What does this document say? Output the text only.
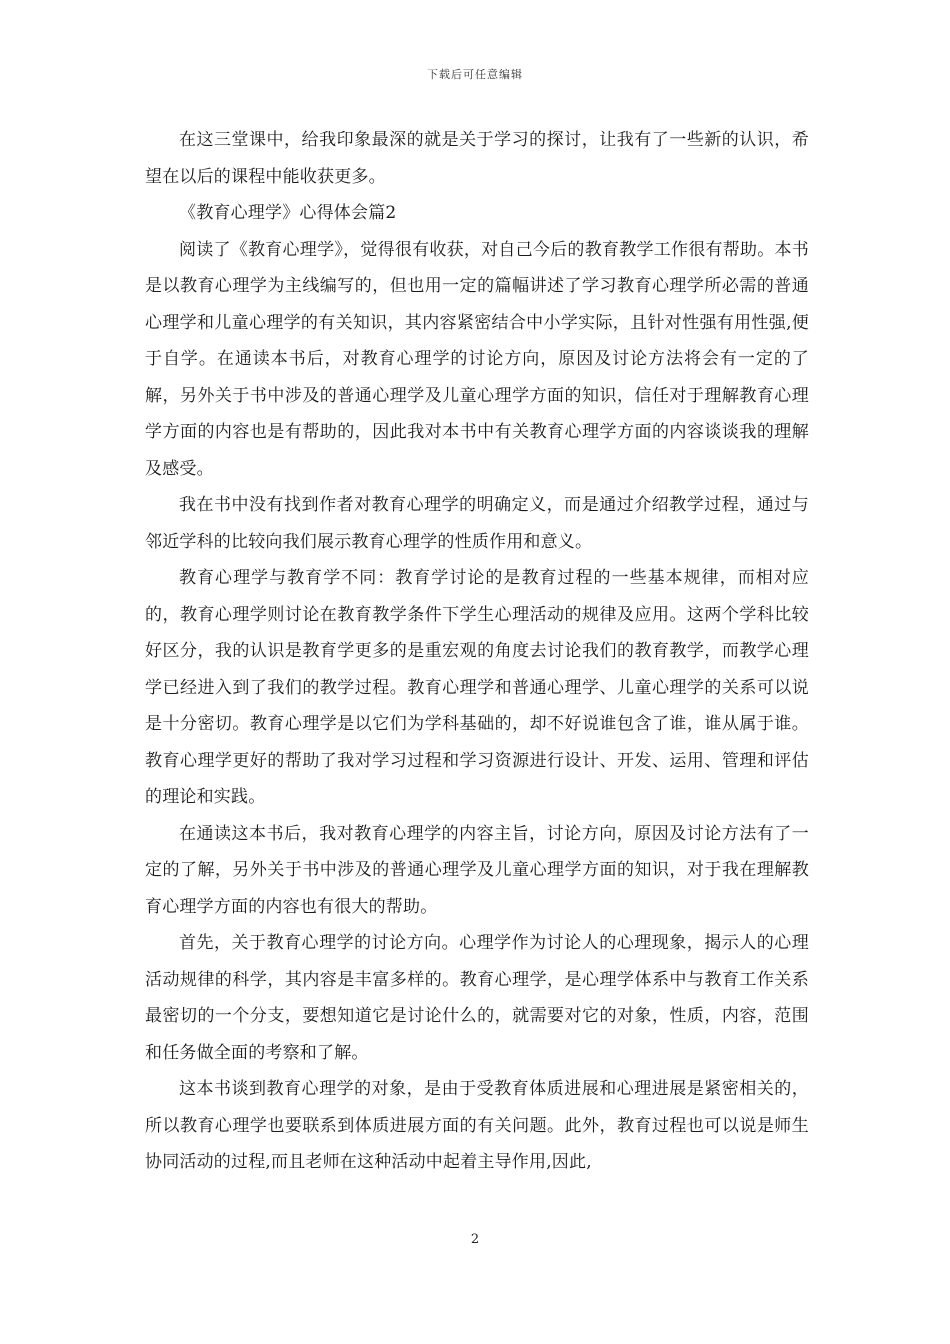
下载后可任意编辑

在这三堂课中，给我印象最深的就是关于学习的探讨，让我有了一些新的认识，希望在以后的课程中能收获更多。

《教育心理学》心得体会篇2

阅读了《教育心理学》，觉得很有收获，对自己今后的教育教学工作很有帮助。本书是以教育心理学为主线编写的，但也用一定的篇幅讲述了学习教育心理学所必需的普通心理学和儿童心理学的有关知识，其内容紧密结合中小学实际，且针对性强有用性强,便于自学。在通读本书后，对教育心理学的讨论方向，原因及讨论方法将会有一定的了解，另外关于书中涉及的普通心理学及儿童心理学方面的知识，信任对于理解教育心理学方面的内容也是有帮助的，因此我对本书中有关教育心理学方面的内容谈谈我的理解及感受。

我在书中没有找到作者对教育心理学的明确定义，而是通过介绍教学过程，通过与邻近学科的比较向我们展示教育心理学的性质作用和意义。

教育心理学与教育学不同：教育学讨论的是教育过程的一些基本规律，而相对应的，教育心理学则讨论在教育教学条件下学生心理活动的规律及应用。这两个学科比较好区分，我的认识是教育学更多的是重宏观的角度去讨论我们的教育教学，而教学心理学已经进入到了我们的教学过程。教育心理学和普通心理学、儿童心理学的关系可以说是十分密切。教育心理学是以它们为学科基础的，却不好说谁包含了谁，谁从属于谁。教育心理学更好的帮助了我对学习过程和学习资源进行设计、开发、运用、管理和评估的理论和实践。

在通读这本书后，我对教育心理学的内容主旨，讨论方向，原因及讨论方法有了一定的了解，另外关于书中涉及的普通心理学及儿童心理学方面的知识，对于我在理解教育心理学方面的内容也有很大的帮助。

首先，关于教育心理学的讨论方向。心理学作为讨论人的心理现象，揭示人的心理活动规律的科学，其内容是丰富多样的。教育心理学，是心理学体系中与教育工作关系最密切的一个分支，要想知道它是讨论什么的，就需要对它的对象，性质，内容，范围和任务做全面的考察和了解。

这本书谈到教育心理学的对象，是由于受教育体质进展和心理进展是紧密相关的，所以教育心理学也要联系到体质进展方面的有关问题。此外，教育过程也可以说是师生协同活动的过程,而且老师在这种活动中起着主导作用,因此,

2
